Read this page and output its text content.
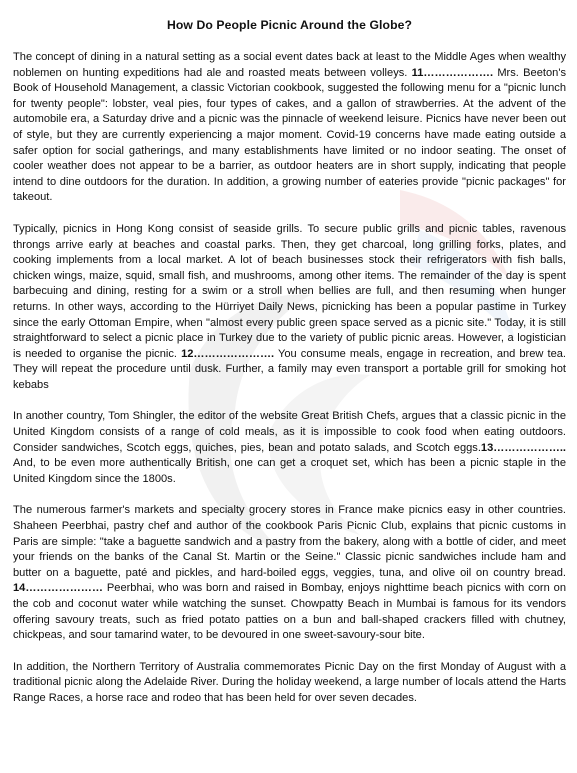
How Do People Picnic Around the Globe?

The concept of dining in a natural setting as a social event dates back at least to the Middle Ages when wealthy noblemen on hunting expeditions had ale and roasted meats between volleys. 11………………. Mrs. Beeton's Book of Household Management, a classic Victorian cookbook, suggested the following menu for a "picnic lunch for twenty people": lobster, veal pies, four types of cakes, and a gallon of strawberries. At the advent of the automobile era, a Saturday drive and a picnic was the pinnacle of weekend leisure. Picnics have never been out of style, but they are currently experiencing a major moment. Covid-19 concerns have made eating outside a safer option for social gatherings, and many establishments have limited or no indoor seating. The onset of cooler weather does not appear to be a barrier, as outdoor heaters are in short supply, indicating that people intend to dine outdoors for the duration. In addition, a growing number of eateries provide "picnic packages" for takeout.

Typically, picnics in Hong Kong consist of seaside grills. To secure public grills and picnic tables, ravenous throngs arrive early at beaches and coastal parks. Then, they get charcoal, long grilling forks, plates, and cooking implements from a local market. A lot of beach businesses stock their refrigerators with fish balls, chicken wings, maize, squid, small fish, and mushrooms, among other items. The remainder of the day is spent barbecuing and dining, resting for a swim or a stroll when bellies are full, and then resuming when hunger returns. In other ways, according to the Hürriyet Daily News, picnicking has been a popular pastime in Turkey since the early Ottoman Empire, when "almost every public green space served as a picnic site." Today, it is still straightforward to select a picnic place in Turkey due to the variety of public picnic areas. However, a logistician is needed to organise the picnic. 12…………………. You consume meals, engage in recreation, and brew tea. They will repeat the procedure until dusk. Further, a family may even transport a portable grill for smoking hot kebabs

In another country, Tom Shingler, the editor of the website Great British Chefs, argues that a classic picnic in the United Kingdom consists of a range of cold meals, as it is impossible to cook food when eating outdoors. Consider sandwiches, Scotch eggs, quiches, pies, bean and potato salads, and Scotch eggs.13……………….. And, to be even more authentically British, one can get a croquet set, which has been a picnic staple in the United Kingdom since the 1800s.

The numerous farmer's markets and specialty grocery stores in France make picnics easy in other countries. Shaheen Peerbhai, pastry chef and author of the cookbook Paris Picnic Club, explains that picnic customs in Paris are simple: "take a baguette sandwich and a pastry from the bakery, along with a bottle of cider, and meet your friends on the banks of the Canal St. Martin or the Seine." Classic picnic sandwiches include ham and butter on a baguette, paté and pickles, and hard-boiled eggs, veggies, tuna, and olive oil on country bread. 14………………… Peerbhai, who was born and raised in Bombay, enjoys nighttime beach picnics with corn on the cob and coconut water while watching the sunset. Chowpatty Beach in Mumbai is famous for its vendors offering savoury treats, such as fried potato patties on a bun and ball-shaped crackers filled with chutney, chickpeas, and sour tamarind water, to be devoured in one sweet-savoury-sour bite.

In addition, the Northern Territory of Australia commemorates Picnic Day on the first Monday of August with a traditional picnic along the Adelaide River. During the holiday weekend, a large number of locals attend the Harts Range Races, a horse race and rodeo that has been held for over seven decades.
